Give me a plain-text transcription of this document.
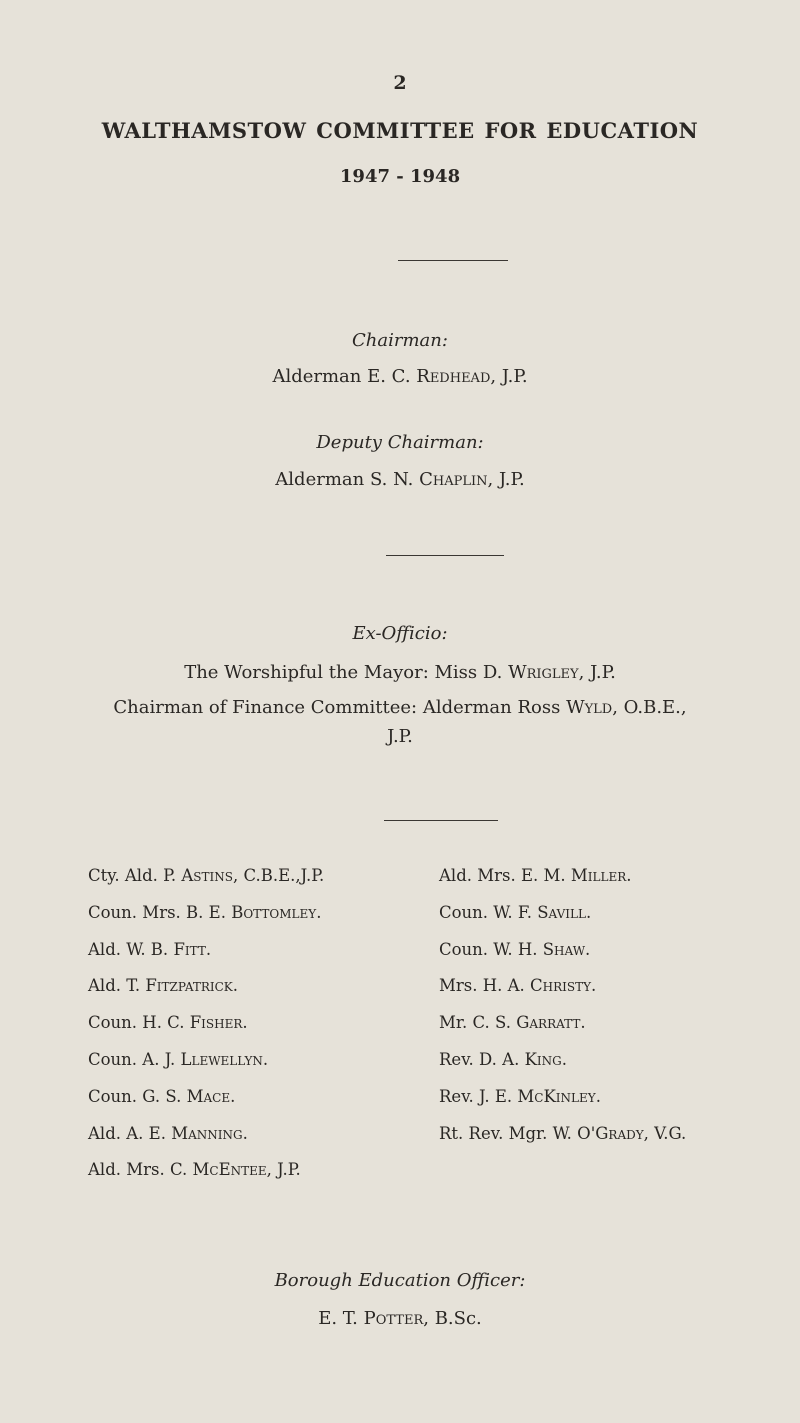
2
WALTHAMSTOW COMMITTEE FOR EDUCATION
1947 - 1948
Chairman:
Alderman E. C. Redhead, J.P.
Deputy Chairman:
Alderman S. N. Chaplin, J.P.
Ex-Officio:
The Worshipful the Mayor: Miss D. Wrigley, J.P.
Chairman of Finance Committee: Alderman Ross Wyld, O.B.E.,
J.P.
Cty. Ald. P. Astins, C.B.E.,J.P.
Coun. Mrs. B. E. Bottomley.
Ald. W. B. Fitt.
Ald. T. Fitzpatrick.
Coun. H. C. Fisher.
Coun. A. J. Llewellyn.
Coun. G. S. Mace.
Ald. A. E. Manning.
Ald. Mrs. C. McEntee, J.P.
Ald. Mrs. E. M. Miller.
Coun. W. F. Savill.
Coun. W. H. Shaw.
Mrs. H. A. Christy.
Mr. C. S. Garratt.
Rev. D. A. King.
Rev. J. E. McKinley.
Rt. Rev. Mgr. W. O'Grady, V.G.
Borough Education Officer:
E. T. Potter, B.Sc.
